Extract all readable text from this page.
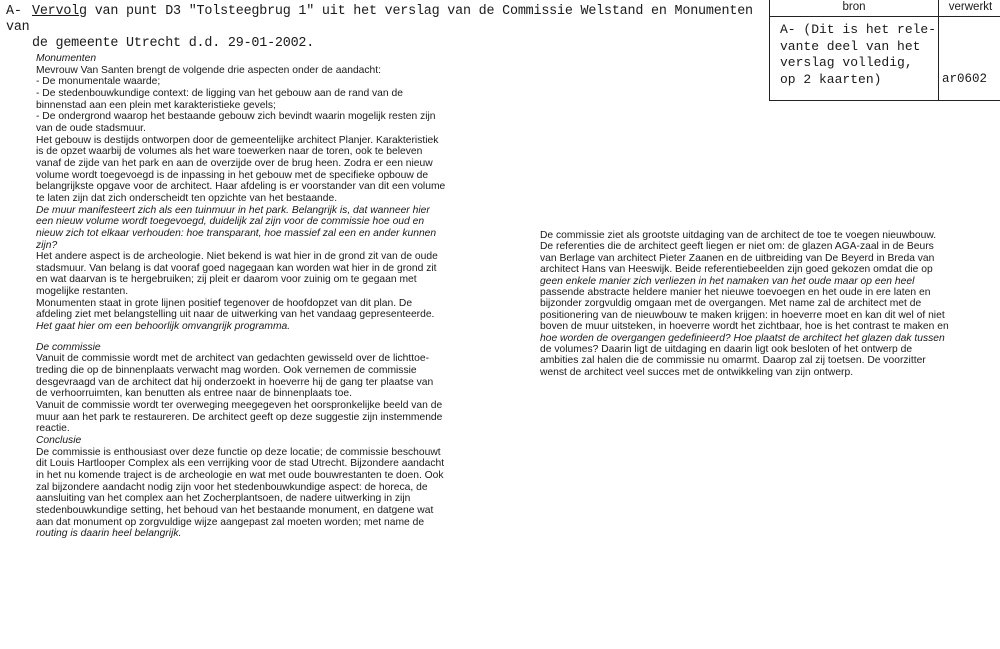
A- Vervolg van punt D3 "Tolsteegbrug 1" uit het verslag van de Commissie Welstand en Monumenten van
de gemeente Utrecht d.d. 29-01-2002.
bron	verwerkt
A- (Dit is het rele-
vante deel van het
verslag volledig,
op 2 kaarten)	ar0602
Monumenten
Mevrouw Van Santen brengt de volgende drie aspecten onder de aandacht:
- De monumentale waarde;
- De stedenbouwkundige context: de ligging van het gebouw aan de rand van de
binnenstad aan een plein met karakteristieke gevels;
- De ondergrond waarop het bestaande gebouw zich bevindt waarin mogelijk resten zijn
van de oude stadsmuur.
Het gebouw is destijds ontworpen door de gemeentelijke architect Planjer. Karakteristiek
is de opzet waarbij de volumes als het ware toewerken naar de toren, ook te beleven
vanaf de zijde van het park en aan de overzijde over de brug heen. Zodra er een nieuw
volume wordt toegevoegd is de inpassing in het gebouw met de specifieke opbouw de
belangrijkste opgave voor de architect. Haar afdeling is er voorstander van dit een volume
te laten zijn dat zich onderscheidt ten opzichte van het bestaande.
De muur manifesteert zich als een tuinmuur in het park. Belangrijk is, dat wanneer hier
een nieuw volume wordt toegevoegd, duidelijk zal zijn voor de commissie hoe oud en
nieuw zich tot elkaar verhouden: hoe transparant, hoe massief zal een en ander kunnen
zijn?
Het andere aspect is de archeologie. Niet bekend is wat hier in de grond zit van de oude
stadsmuur. Van belang is dat vooraf goed nagegaan kan worden wat hier in de grond zit
en wat daarvan is te hergebruiken; zij pleit er daarom voor zuinig om te gegaan met
mogelijke restanten.
Monumenten staat in grote lijnen positief tegenover de hoofdopzet van dit plan. De
afdeling ziet met belangstelling uit naar de uitwerking van het vandaag gepresenteerde.
Het gaat hier om een behoorlijk omvangrijk programma.
De commissie
Vanuit de commissie wordt met de architect van gedachten gewisseld over de lichttoe-
treding die op de binnenplaats verwacht mag worden. Ook vernemen de commissie
desgevraagd van de architect dat hij onderzoekt in hoeverre hij de gang ter plaatse van
de verhoorruimten, kan benutten als entree naar de binnenplaats toe.
Vanuit de commissie wordt ter overweging meegegeven het oorspronkelijke beeld van de
muur aan het park te restaureren. De architect geeft op deze suggestie zijn instemmende
reactie.
Conclusie
De commissie is enthousiast over deze functie op deze locatie; de commissie beschouwt
dit Louis Hartlooper Complex als een verrijking voor de stad Utrecht. Bijzondere aandacht
in het nu komende traject is de archeologie en wat met oude bouwrestanten te doen. Ook
zal bijzondere aandacht nodig zijn voor het stedenbouwkundige aspect: de horeca, de
aansluiting van het complex aan het Zocherplantsoen, de nadere uitwerking in zijn
stedenbouwkundige setting, het behoud van het bestaande monument, en datgene wat
aan dat monument op zorgvuldige wijze aangepast zal moeten worden; met name de
routing is daarin heel belangrijk.
De commissie ziet als grootste uitdaging van de architect de toe te voegen nieuwbouw.
De referenties die de architect geeft liegen er niet om: de glazen AGA-zaal in de Beurs
van Berlage van architect Pieter Zaanen en de uitbreiding van De Beyerd in Breda van
architect Hans van Heeswijk. Beide referentiebeelden zijn goed gekozen omdat die op
geen enkele manier zich verliezen in het namaken van het oude maar op een heel
passende abstracte heldere manier het nieuwe toevoegen en het oude in ere laten en
bijzonder zorgvuldig omgaan met de overgangen. Met name zal de architect met de
positionering van de nieuwbouw te maken krijgen: in hoeverre moet en kan dit wel of niet
boven de muur uitsteken, in hoeverre wordt het zichtbaar, hoe is het contrast te maken en
hoe worden de overgangen gedefinieerd? Hoe plaatst de architect het glazen dak tussen
de volumes? Daarin ligt de uitdaging en daarin ligt ook besloten of het ontwerp de
ambities zal halen die de commissie nu omarmt. Daarop zal zij toetsen. De voorzitter
wenst de architect veel succes met de ontwikkeling van zijn ontwerp.
